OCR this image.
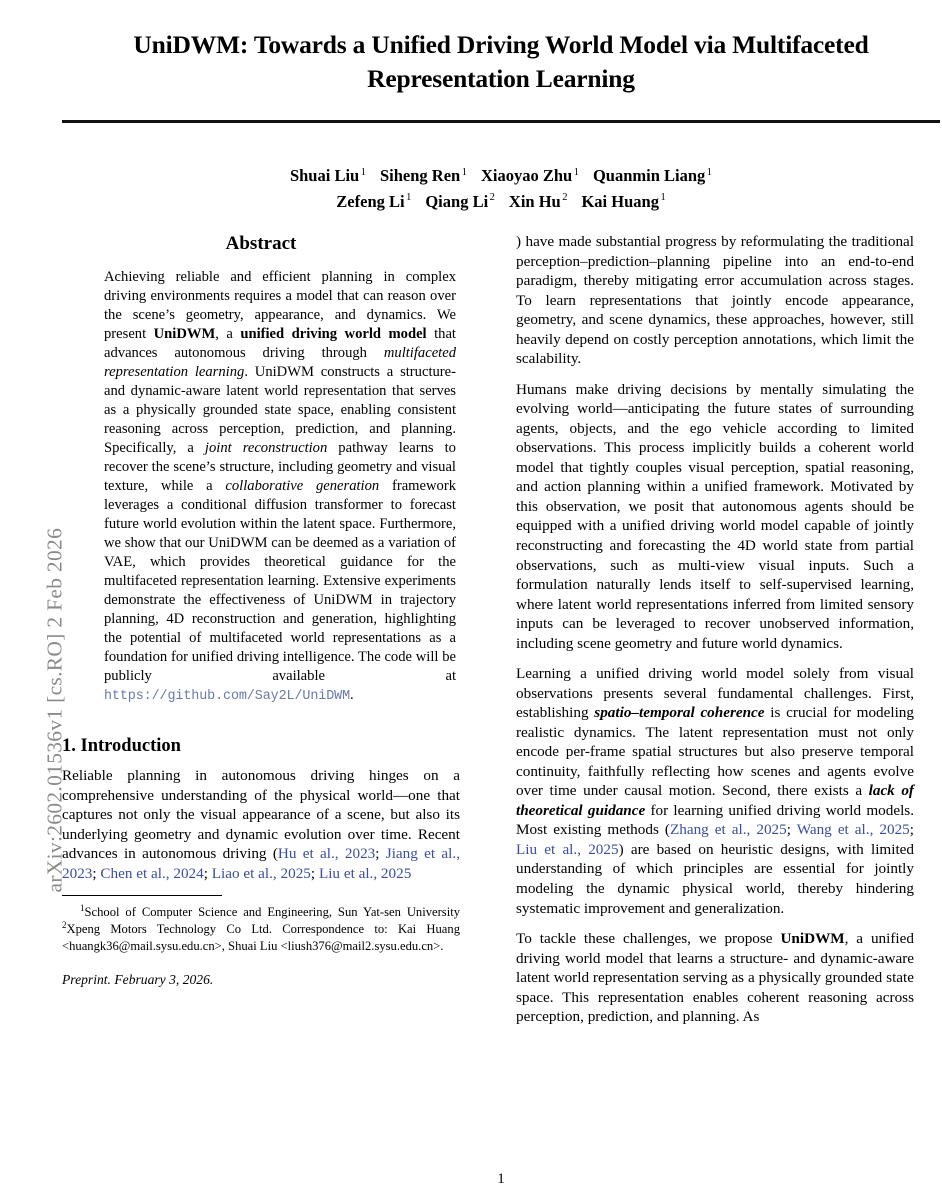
arXiv:2602.01536v1 [cs.RO] 2 Feb 2026
UniDWM: Towards a Unified Driving World Model via Multifaceted Representation Learning
Shuai Liu $^1$ Siheng Ren $^1$ Xiaoyao Zhu $^1$ Quanmin Liang $^1$
Zefeng Li $^1$ Qiang Li $^2$ Xin Hu $^2$ Kai Huang $^1$
Abstract
Achieving reliable and efficient planning in complex driving environments requires a model that can reason over the scene’s geometry, appearance, and dynamics. We present UniDWM, a unified driving world model that advances autonomous driving through multifaceted representation learning. UniDWM constructs a structure- and dynamic-aware latent world representation that serves as a physically grounded state space, enabling consistent reasoning across perception, prediction, and planning. Specifically, a joint reconstruction pathway learns to recover the scene’s structure, including geometry and visual texture, while a collaborative generation framework leverages a conditional diffusion transformer to forecast future world evolution within the latent space. Furthermore, we show that our UniDWM can be deemed as a variation of VAE, which provides theoretical guidance for the multifaceted representation learning. Extensive experiments demonstrate the effectiveness of UniDWM in trajectory planning, 4D reconstruction and generation, highlighting the potential of multifaceted world representations as a foundation for unified driving intelligence. The code will be publicly available at https://github.com/Say2L/UniDWM.
1. Introduction

Reliable planning in autonomous driving hinges on a comprehensive understanding of the physical world—one that captures not only the visual appearance of a scene, but also its underlying geometry and dynamic evolution over time. Recent advances in autonomous driving (Hu et al., 2023; Jiang et al., 2023; Chen et al., 2024; Liao et al., 2025; Liu et al., 2025

$^1$School of Computer Science and Engineering, Sun Yat-sen University $^2$Xpeng Motors Technology Co Ltd. Correspondence to: Kai Huang <huangk36@mail.sysu.edu.cn>, Shuai Liu <liush376@mail2.sysu.edu.cn>.
Preprint. February 3, 2026.

) have made substantial progress by reformulating the traditional perception–prediction–planning pipeline into an end-to-end paradigm, thereby mitigating error accumulation across stages. To learn representations that jointly encode appearance, geometry, and scene dynamics, these approaches, however, still heavily depend on costly perception annotations, which limit the scalability.

Humans make driving decisions by mentally simulating the evolving world—anticipating the future states of surrounding agents, objects, and the ego vehicle according to limited observations. This process implicitly builds a coherent world model that tightly couples visual perception, spatial reasoning, and action planning within a unified framework. Motivated by this observation, we posit that autonomous agents should be equipped with a unified driving world model capable of jointly reconstructing and forecasting the 4D world state from partial observations, such as multi-view visual inputs. Such a formulation naturally lends itself to self-supervised learning, where latent world representations inferred from limited sensory inputs can be leveraged to recover unobserved information, including scene geometry and future world dynamics.

Learning a unified driving world model solely from visual observations presents several fundamental challenges. First, establishing spatio–temporal coherence is crucial for modeling realistic dynamics. The latent representation must not only encode per-frame spatial structures but also preserve temporal continuity, faithfully reflecting how scenes and agents evolve over time under causal motion. Second, there exists a lack of theoretical guidance for learning unified driving world models. Most existing methods (Zhang et al., 2025; Wang et al., 2025; Liu et al., 2025) are based on heuristic designs, with limited understanding of which principles are essential for jointly modeling the dynamic physical world, thereby hindering systematic improvement and generalization.

To tackle these challenges, we propose UniDWM, a unified driving world model that learns a structure- and dynamic-aware latent world representation serving as a physically grounded state space. This representation enables coherent reasoning across perception, prediction, and planning. As

1
